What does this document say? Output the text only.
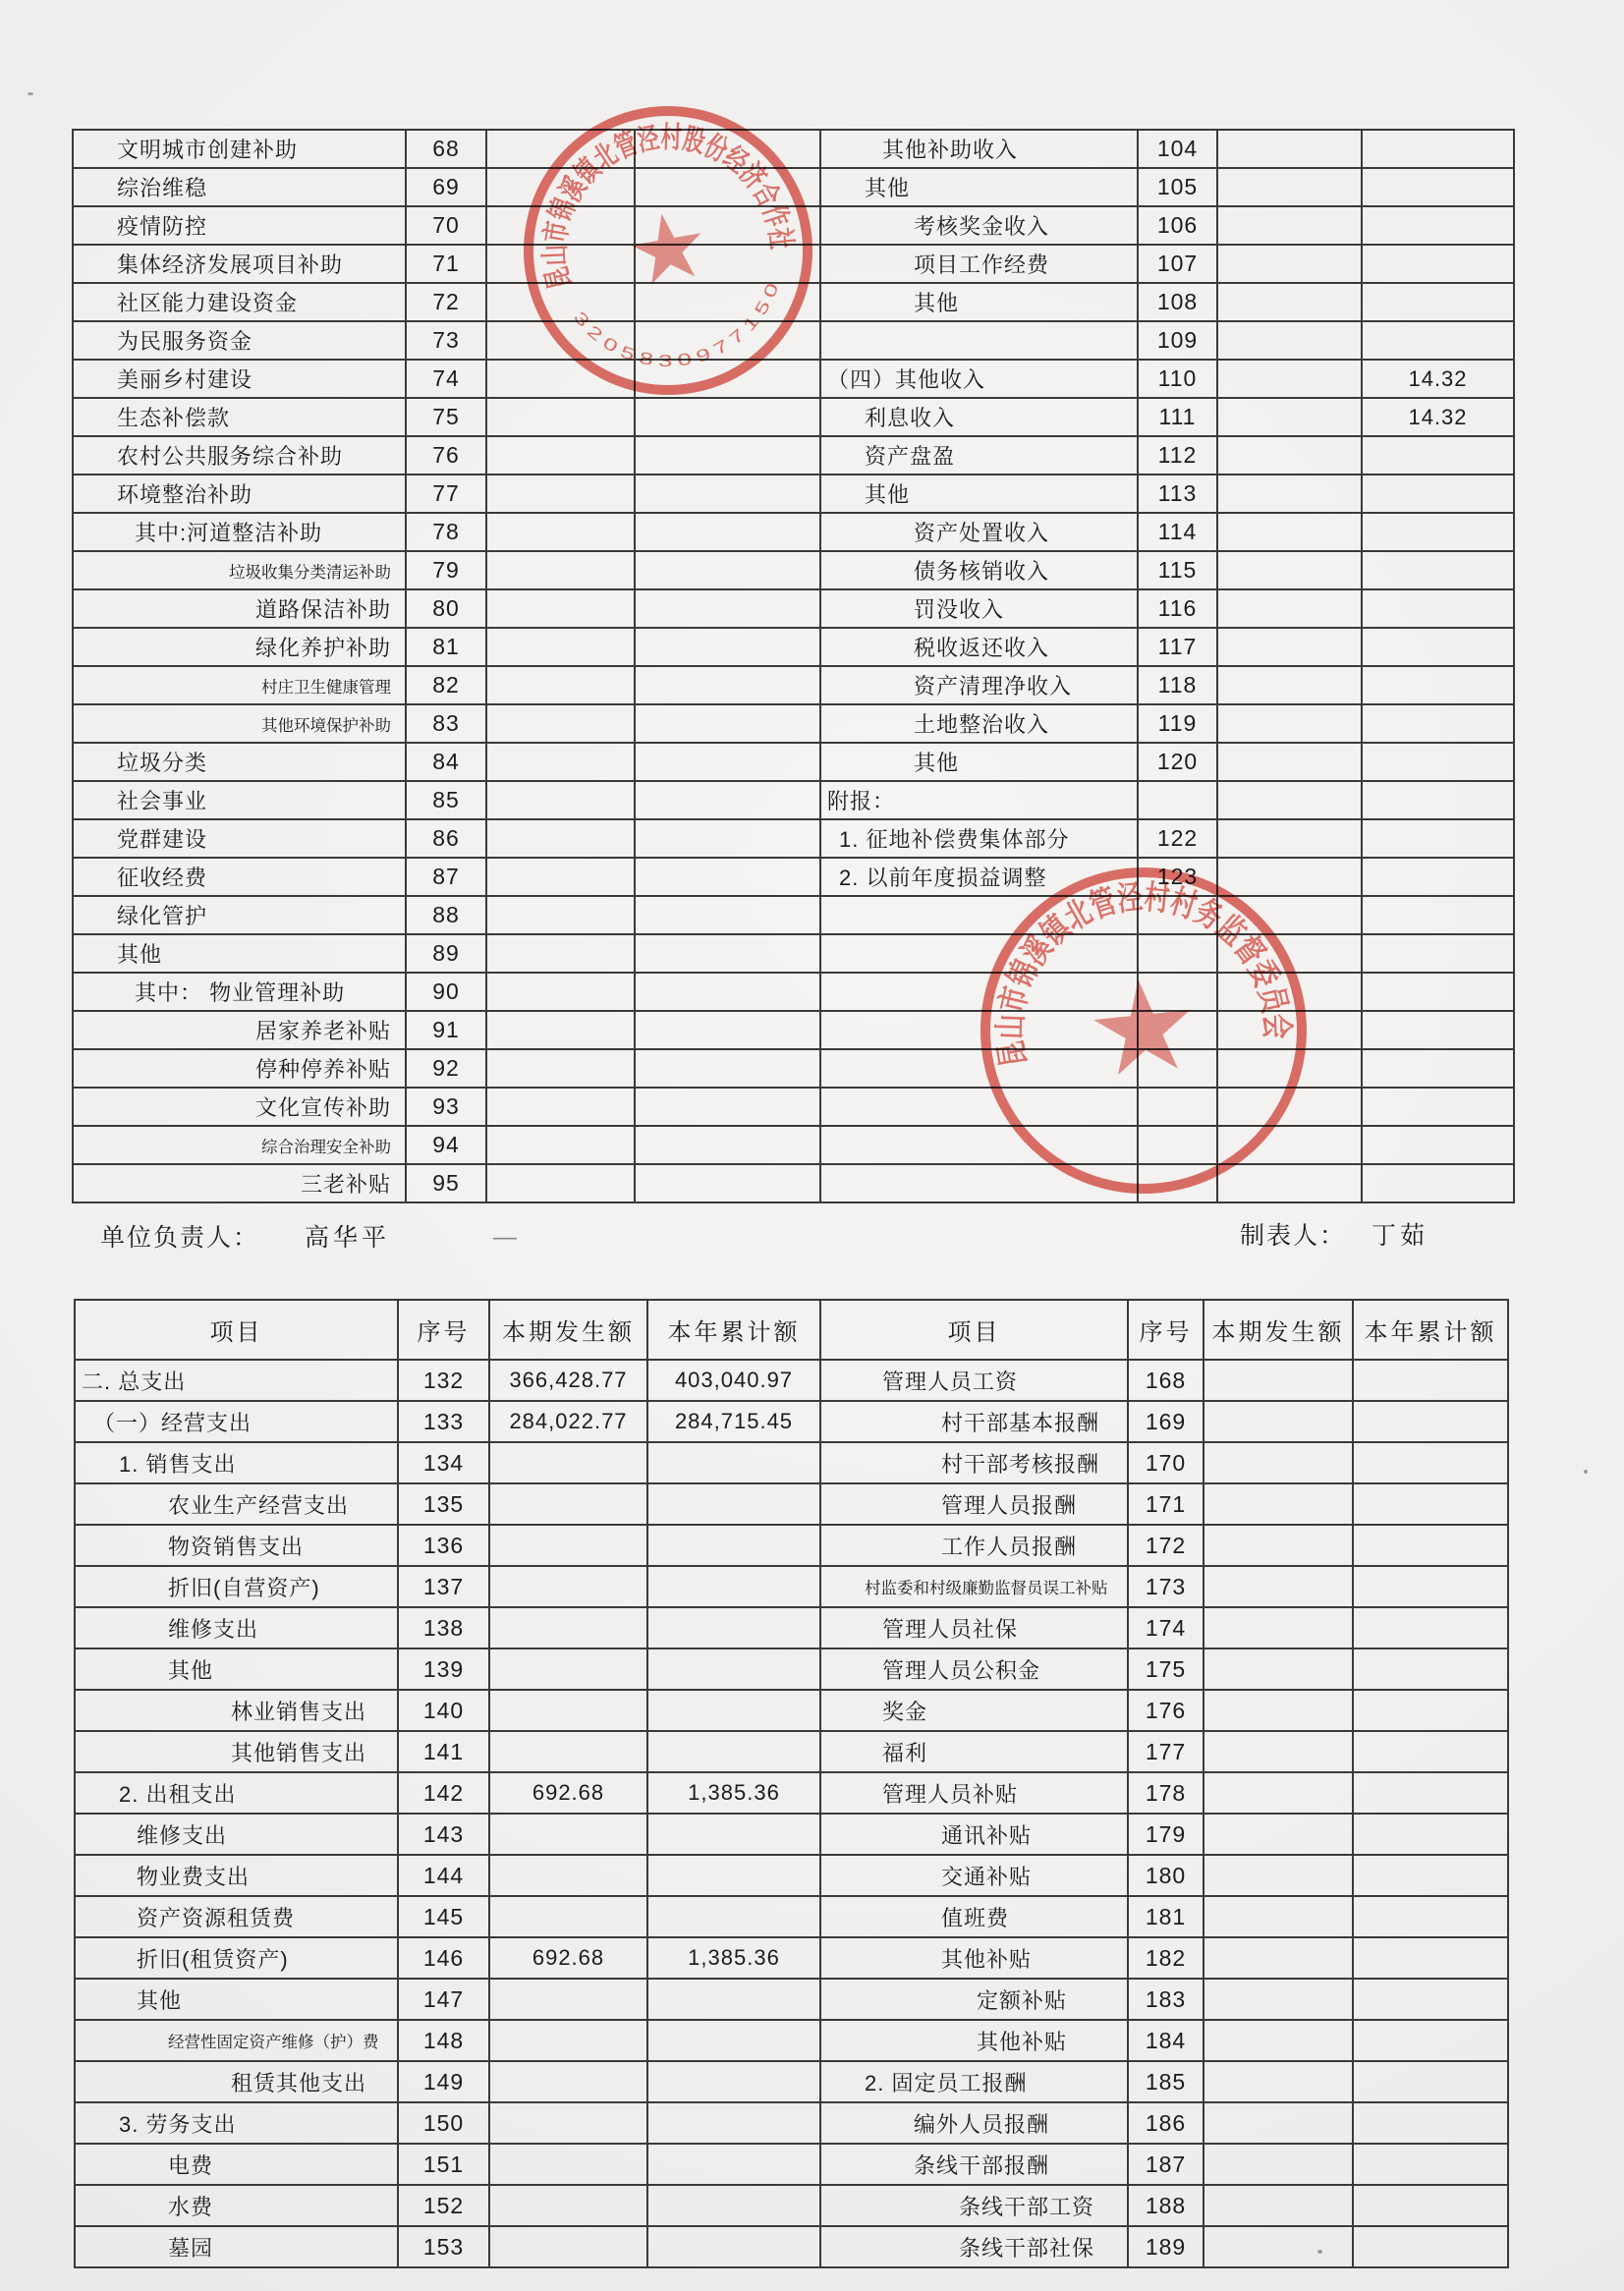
文明城市创建补助	68			其他补助收入	104		
综治维稳	69			其他	105		
疫情防控	70			考核奖金收入	106		
集体经济发展项目补助	71			项目工作经费	107		
社区能力建设资金	72			其他	108		
为民服务资金	73				109		
美丽乡村建设	74			（四）其他收入	110		14.32
生态补偿款	75			利息收入	111		14.32
农村公共服务综合补助	76			资产盘盈	112		
环境整治补助	77			其他	113		
其中:河道整洁补助	78			资产处置收入	114		
垃圾收集分类清运补助	79			债务核销收入	115		
道路保洁补助	80			罚没收入	116		
绿化养护补助	81			税收返还收入	117		
村庄卫生健康管理	82			资产清理净收入	118		
其他环境保护补助	83			土地整治收入	119		
垃圾分类	84			其他	120		
社会事业	85			附报：			
党群建设	86			1. 征地补偿费集体部分	122		
征收经费	87			2. 以前年度损益调整	123		
绿化管护	88						
其他	89						
其中： 物业管理补助	90						
居家养老补贴	91						
停种停养补贴	92						
文化宣传补助	93						
综合治理安全补助	94						
三老补贴	95						
单位负责人： 高华平	—	制表人： 丁茹
项目	序号	本期发生额	本年累计额	项目	序号	本期发生额	本年累计额
二. 总支出	132	366,428.77	403,040.97	管理人员工资	168		
（一）经营支出	133	284,022.77	284,715.45	村干部基本报酬	169		
1. 销售支出	134			村干部考核报酬	170		
农业生产经营支出	135			管理人员报酬	171		
物资销售支出	136			工作人员报酬	172		
折旧(自营资产)	137			村监委和村级廉勤监督员误工补贴	173		
维修支出	138			管理人员社保	174		
其他	139			管理人员公积金	175		
林业销售支出	140			奖金	176		
其他销售支出	141			福利	177		
2. 出租支出	142	692.68	1,385.36	管理人员补贴	178		
维修支出	143			通讯补贴	179		
物业费支出	144			交通补贴	180		
资产资源租赁费	145			值班费	181		
折旧(租赁资产)	146	692.68	1,385.36	其他补贴	182		
其他	147			定额补贴	183		
经营性固定资产维修（护）费	148			其他补贴	184		
租赁其他支出	149			2. 固定员工报酬	185		
3. 劳务支出	150			编外人员报酬	186		
电费	151			条线干部报酬	187		
水费	152			条线干部工资	188		
墓园	153			条线干部社保	189		
昆山市锦溪镇北管泾村股份经济合作社
3205830977150
昆山市锦溪镇北管泾村村务监督委员会
